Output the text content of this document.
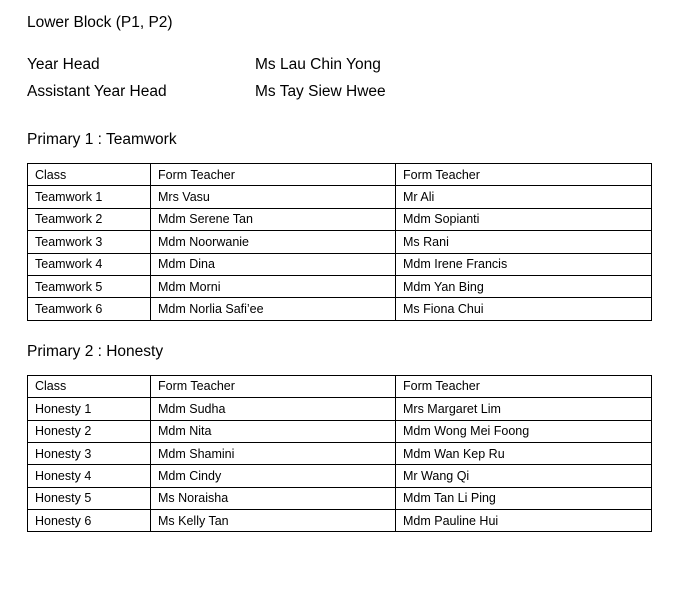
Lower Block (P1, P2)
Year Head	Ms Lau Chin Yong
Assistant Year Head	Ms Tay Siew Hwee
Primary 1 : Teamwork
Class	Form Teacher	Form Teacher
Teamwork 1	Mrs Vasu	Mr Ali
Teamwork 2	Mdm Serene Tan	Mdm Sopianti
Teamwork 3	Mdm Noorwanie	Ms Rani
Teamwork 4	Mdm Dina	Mdm Irene Francis
Teamwork 5	Mdm Morni	Mdm Yan Bing
Teamwork 6	Mdm Norlia Safi’ee	Ms Fiona Chui
Primary 2 : Honesty
Class	Form Teacher	Form Teacher
Honesty 1	Mdm Sudha	Mrs Margaret Lim
Honesty 2	Mdm Nita	Mdm Wong Mei Foong
Honesty 3	Mdm Shamini	Mdm Wan Kep Ru
Honesty 4	Mdm Cindy	Mr Wang Qi
Honesty 5	Ms Noraisha	Mdm Tan Li Ping
Honesty 6	Ms Kelly Tan	Mdm Pauline Hui
